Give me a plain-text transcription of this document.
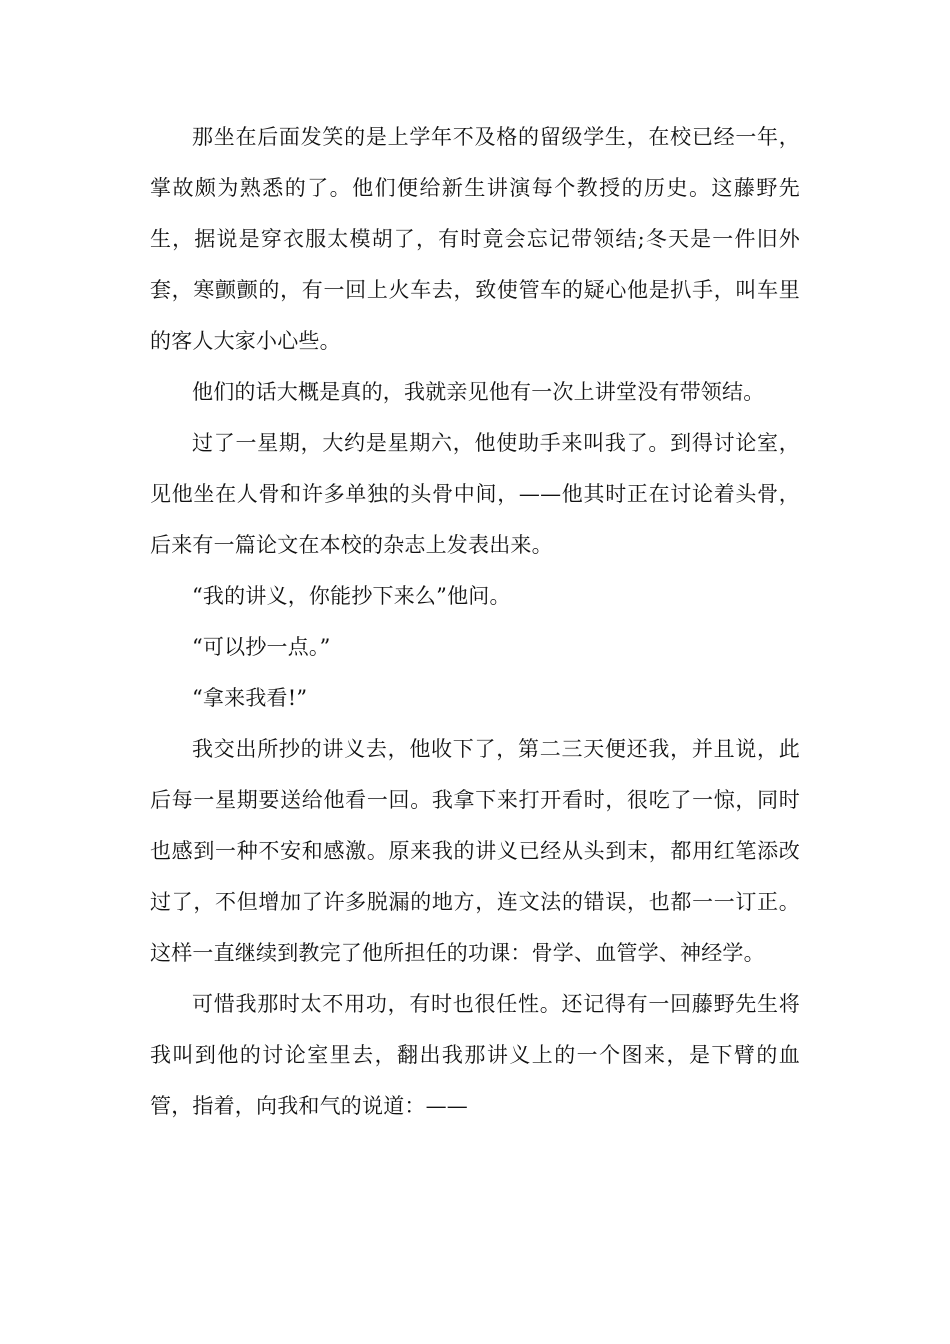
那坐在后面发笑的是上学年不及格的留级学生，在校已经一年，掌故颇为熟悉的了。他们便给新生讲演每个教授的历史。这藤野先生，据说是穿衣服太模胡了，有时竟会忘记带领结;冬天是一件旧外套，寒颤颤的，有一回上火车去，致使管车的疑心他是扒手，叫车里的客人大家小心些。

他们的话大概是真的，我就亲见他有一次上讲堂没有带领结。

过了一星期，大约是星期六，他使助手来叫我了。到得讨论室，见他坐在人骨和许多单独的头骨中间，——他其时正在讨论着头骨，后来有一篇论文在本校的杂志上发表出来。

“我的讲义，你能抄下来么”他问。

“可以抄一点。”

“拿来我看!”

我交出所抄的讲义去，他收下了，第二三天便还我，并且说，此后每一星期要送给他看一回。我拿下来打开看时，很吃了一惊，同时也感到一种不安和感激。原来我的讲义已经从头到末，都用红笔添改过了，不但增加了许多脱漏的地方，连文法的错误，也都一一订正。这样一直继续到教完了他所担任的功课：骨学、血管学、神经学。

可惜我那时太不用功，有时也很任性。还记得有一回藤野先生将我叫到他的讨论室里去，翻出我那讲义上的一个图来，是下臂的血管，指着，向我和气的说道：——
